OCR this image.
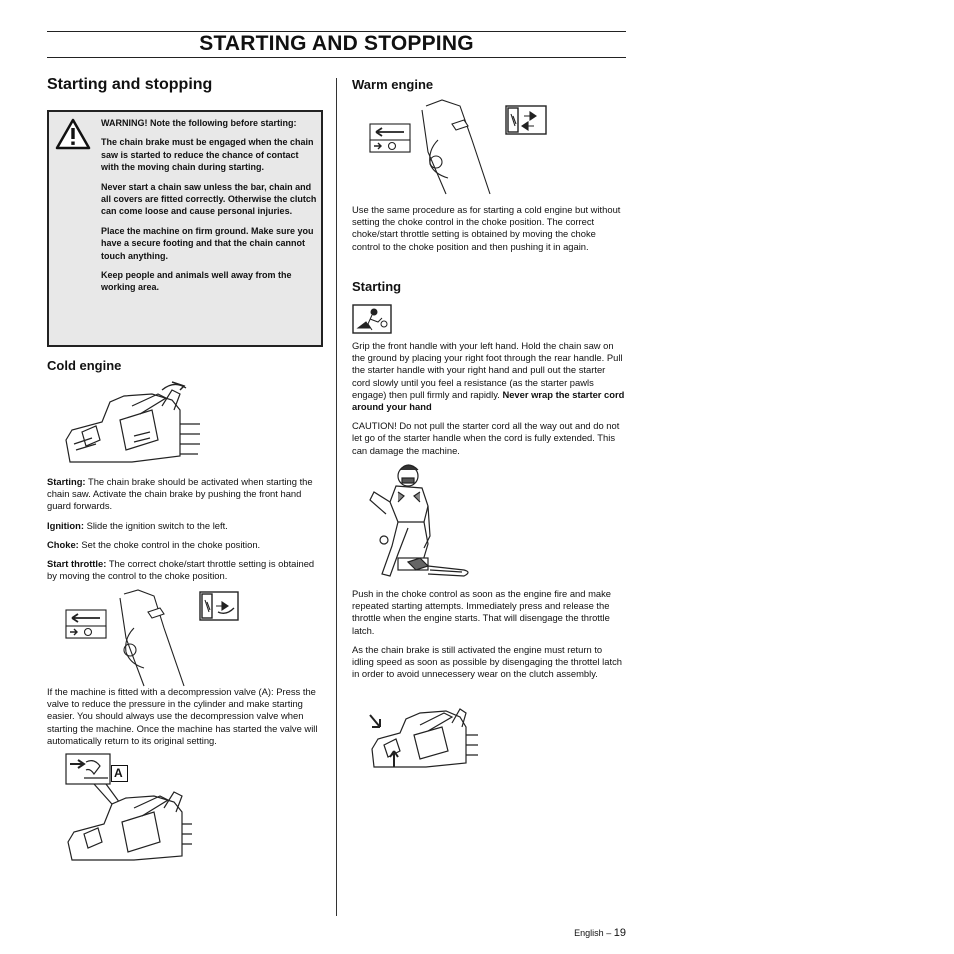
STARTING AND STOPPING
Starting and stopping

WARNING! Note the following before starting:

The chain brake must be engaged when the chain saw is started to reduce the chance of contact with the moving chain during starting.

Never start a chain saw unless the bar, chain and all covers are fitted correctly. Otherwise the clutch can come loose and cause personal injuries.

Place the machine on firm ground. Make sure you have a secure footing and that the chain cannot touch anything.

Keep people and animals well away from the working area.

Cold engine

Starting: The chain brake should be activated when starting the chain saw. Activate the chain brake by pushing the front hand guard forwards.

Ignition: Slide the ignition switch to the left.

Choke: Set the choke control in the choke position.

Start throttle: The correct choke/start throttle setting is obtained by moving the control to the choke position.

If the machine is fitted with a decompression valve (A): Press the valve to reduce the pressure in the cylinder and make starting easier. You should always use the decompression valve when starting the machine. Once the machine has started the valve will automatically return to its original setting.
A
Warm engine
Use the same procedure as for starting a cold engine but without setting the choke control in the choke position. The correct choke/start throttle setting is obtained by moving the choke control to the choke position and then pushing it in again.
Starting

Grip the front handle with your left hand. Hold the chain saw on the ground by placing your right foot through the rear handle. Pull the starter handle with your right hand and pull out the starter cord slowly until you feel a resistance (as the starter pawls engage) then pull firmly and rapidly. Never wrap the starter cord around your hand

CAUTION! Do not pull the starter cord all the way out and do not let go of the starter handle when the cord is fully extended. This can damage the machine.

Push in the choke control as soon as the engine fire and make repeated starting attempts. Immediately press and release the throttle when the engine starts. That will disengage the throttle latch.

As the chain brake is still activated the engine must return to idling speed as soon as possible by disengaging the throttel latch in order to avoid unnecessery wear on the clutch assembly.

English – 19
